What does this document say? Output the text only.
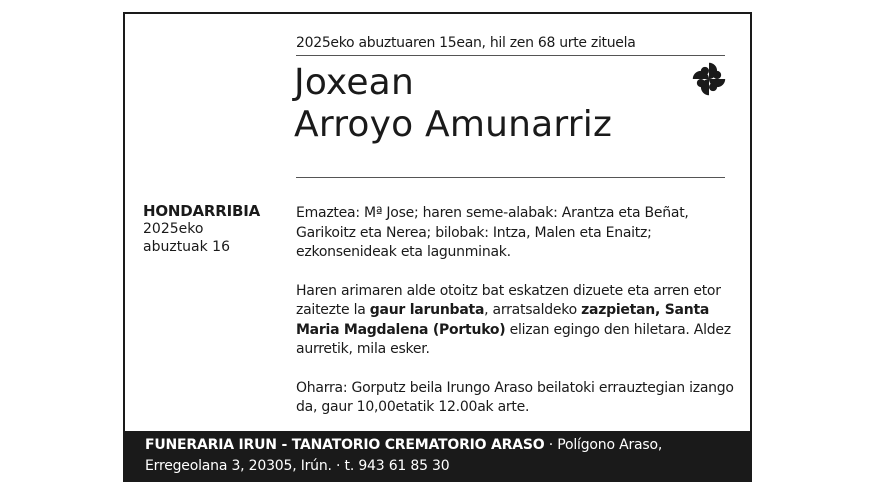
2025eko abuztuaren 15ean, hil zen 68 urte zituela
Joxean
Arroyo Amunarriz
HONDARRIBIA
2025eko
abuztuak 16

Emaztea: Mª Jose; haren seme-alabak: Arantza eta Beñat, Garikoitz eta Nerea; bilobak: Intza, Malen eta Enaitz; ezkonsenideak eta lagunminak.

Haren arimaren alde otoitz bat eskatzen dizuete eta arren etor zaitezte la gaur larunbata, arratsaldeko zazpietan, Santa Maria Magdalena (Portuko) elizan egingo den hiletara. Aldez aurretik, mila esker.

Oharra: Gorputz beila Irungo Araso beilatoki errauztegian izango da, gaur 10,00etatik 12.00ak arte.

FUNERARIA IRUN - TANATORIO CREMATORIO ARASO · Polígono Araso, Erregeolana 3, 20305, Irún. · t. 943 61 85 30
